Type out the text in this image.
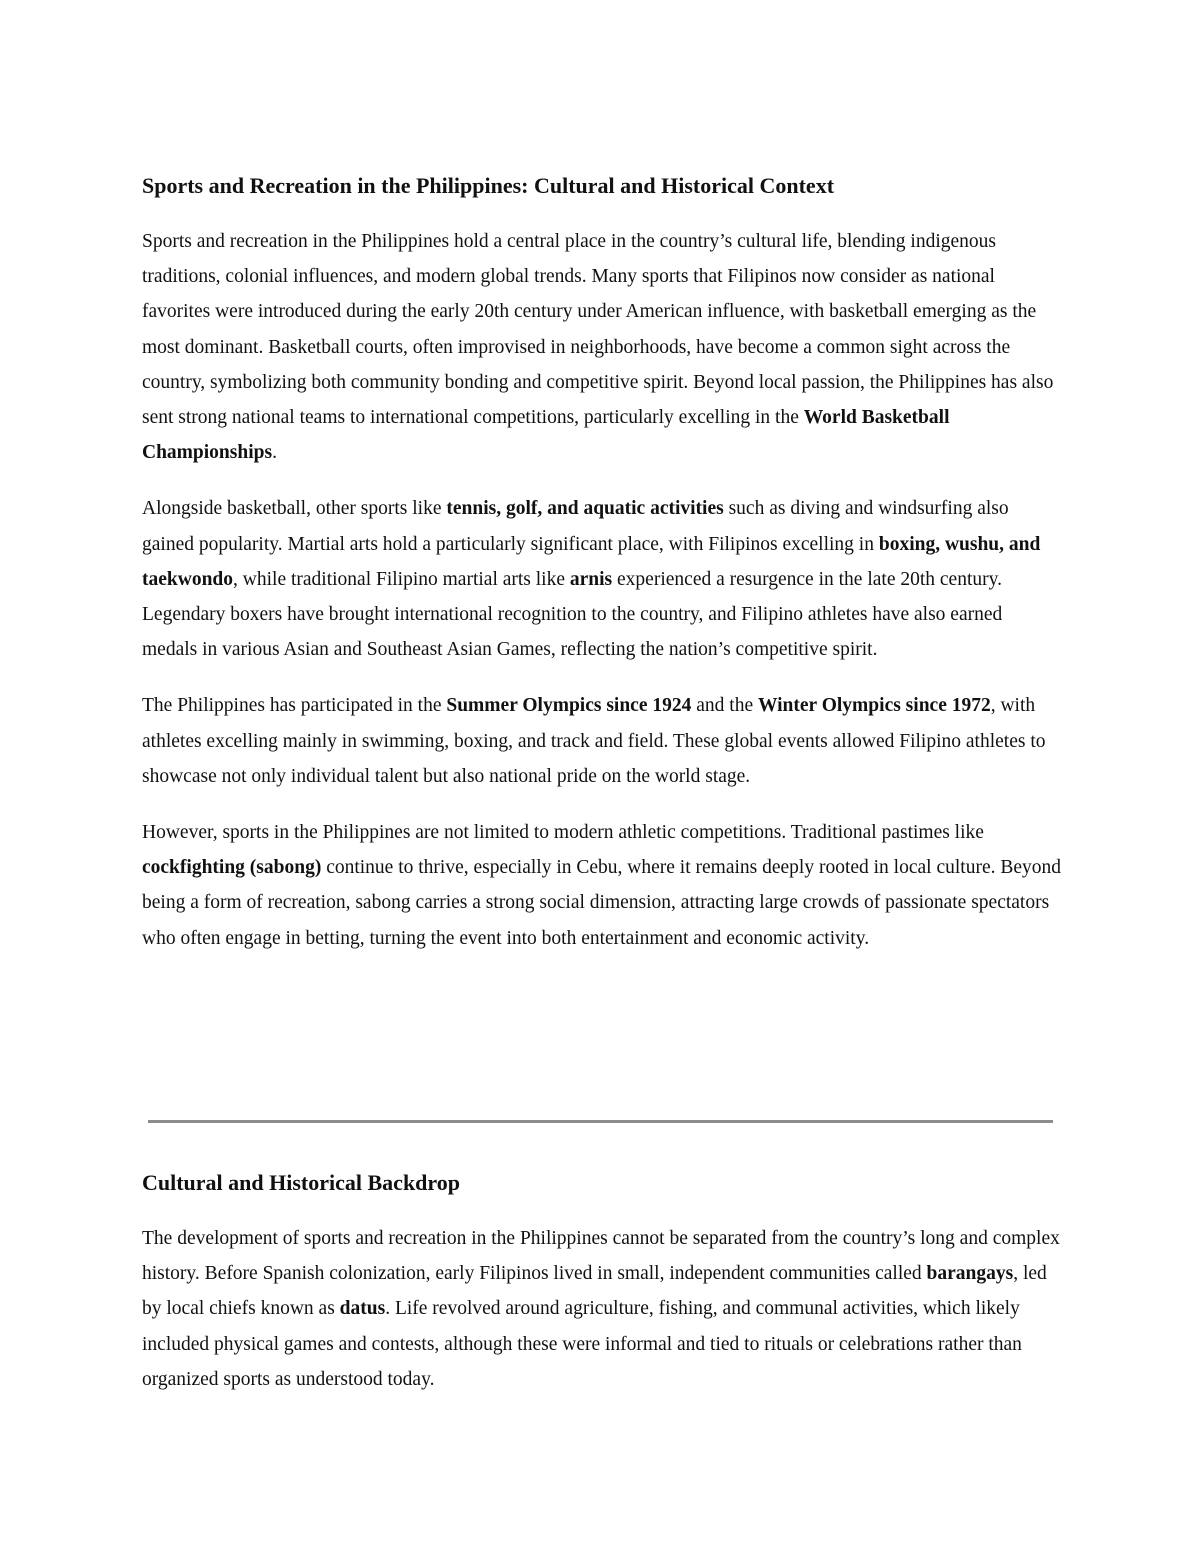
Sports and Recreation in the Philippines: Cultural and Historical Context

Sports and recreation in the Philippines hold a central place in the country’s cultural life, blending indigenous traditions, colonial influences, and modern global trends. Many sports that Filipinos now consider as national favorites were introduced during the early 20th century under American influence, with basketball emerging as the most dominant. Basketball courts, often improvised in neighborhoods, have become a common sight across the country, symbolizing both community bonding and competitive spirit. Beyond local passion, the Philippines has also sent strong national teams to international competitions, particularly excelling in the World Basketball Championships.

Alongside basketball, other sports like tennis, golf, and aquatic activities such as diving and windsurfing also gained popularity. Martial arts hold a particularly significant place, with Filipinos excelling in boxing, wushu, and taekwondo, while traditional Filipino martial arts like arnis experienced a resurgence in the late 20th century. Legendary boxers have brought international recognition to the country, and Filipino athletes have also earned medals in various Asian and Southeast Asian Games, reflecting the nation’s competitive spirit.

The Philippines has participated in the Summer Olympics since 1924 and the Winter Olympics since 1972, with athletes excelling mainly in swimming, boxing, and track and field. These global events allowed Filipino athletes to showcase not only individual talent but also national pride on the world stage.

However, sports in the Philippines are not limited to modern athletic competitions. Traditional pastimes like cockfighting (sabong) continue to thrive, especially in Cebu, where it remains deeply rooted in local culture. Beyond being a form of recreation, sabong carries a strong social dimension, attracting large crowds of passionate spectators who often engage in betting, turning the event into both entertainment and economic activity.

Cultural and Historical Backdrop

The development of sports and recreation in the Philippines cannot be separated from the country’s long and complex history. Before Spanish colonization, early Filipinos lived in small, independent communities called barangays, led by local chiefs known as datus. Life revolved around agriculture, fishing, and communal activities, which likely included physical games and contests, although these were informal and tied to rituals or celebrations rather than organized sports as understood today.
